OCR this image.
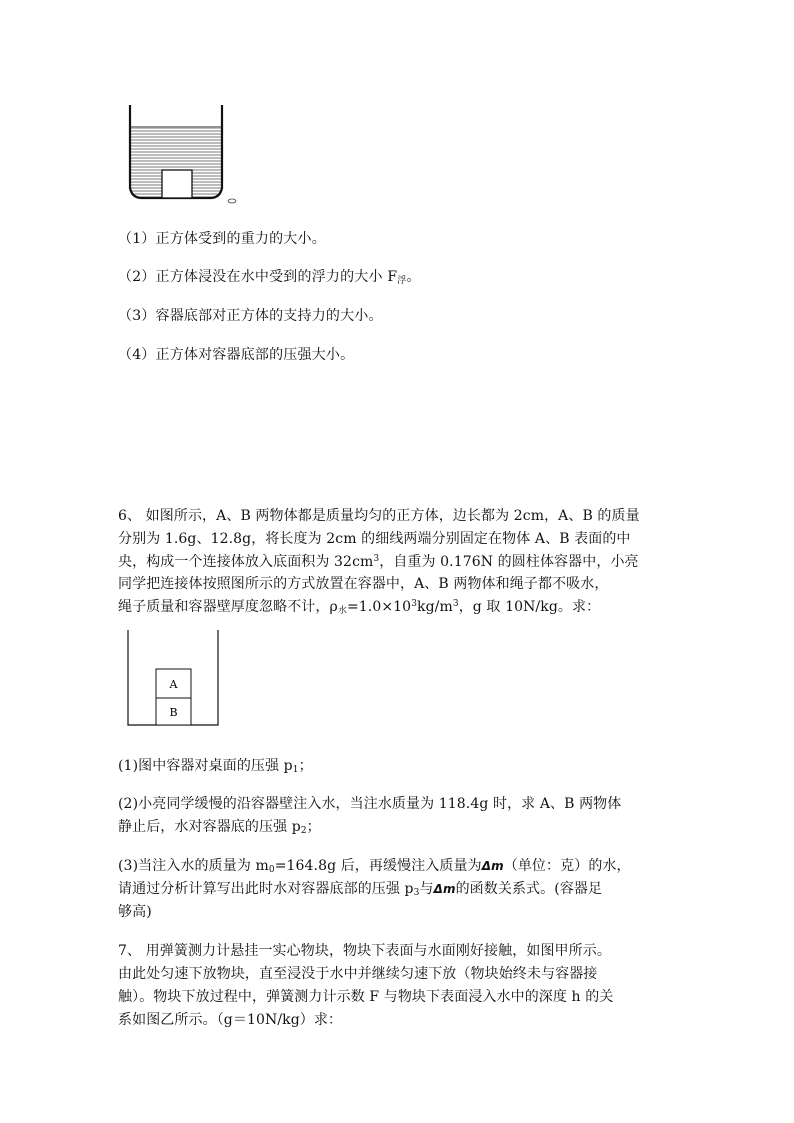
（1）正方体受到的重力的大小。
（2）正方体浸没在水中受到的浮力的大小 $F_浮$。
（3）容器底部对正方体的支持力的大小。
（4）正方体对容器底部的压强大小。
6、 如图所示，A、B 两物体都是质量均匀的正方体，边长都为 2cm，A、B 的质量
分别为 1.6g、12.8g，将长度为 2cm 的细线两端分别固定在物体 A、B 表面的中
央，构成一个连接体放入底面积为 $32cm^3$，自重为 0.176N 的圆柱体容器中，小亮
同学把连接体按照图所示的方式放置在容器中，A、B 两物体和绳子都不吸水，
绳子质量和容器壁厚度忽略不计，$\rho_水=1.0\times 10^3kg/m^3$，g 取 10N/kg。求：
A
B
(1)图中容器对桌面的压强 $p_1$；
(2)小亮同学缓慢的沿容器壁注入水，当注水质量为 118.4g 时，求 A、B 两物体
静止后，水对容器底的压强 $p_2$；
(3)当注入水的质量为 $m_0=164.8g$ 后，再缓慢注入质量为Δm（单位：克）的水，
请通过分析计算写出此时水对容器底部的压强 $p_3$与Δm的函数关系式。(容器足
够高)
7、 用弹簧测力计悬挂一实心物块，物块下表面与水面刚好接触，如图甲所示。
由此处匀速下放物块，直至浸没于水中并继续匀速下放（物块始终未与容器接
触）。物块下放过程中，弹簧测力计示数 F 与物块下表面浸入水中的深度 h 的关
系如图乙所示。（g＝10N/kg）求：
